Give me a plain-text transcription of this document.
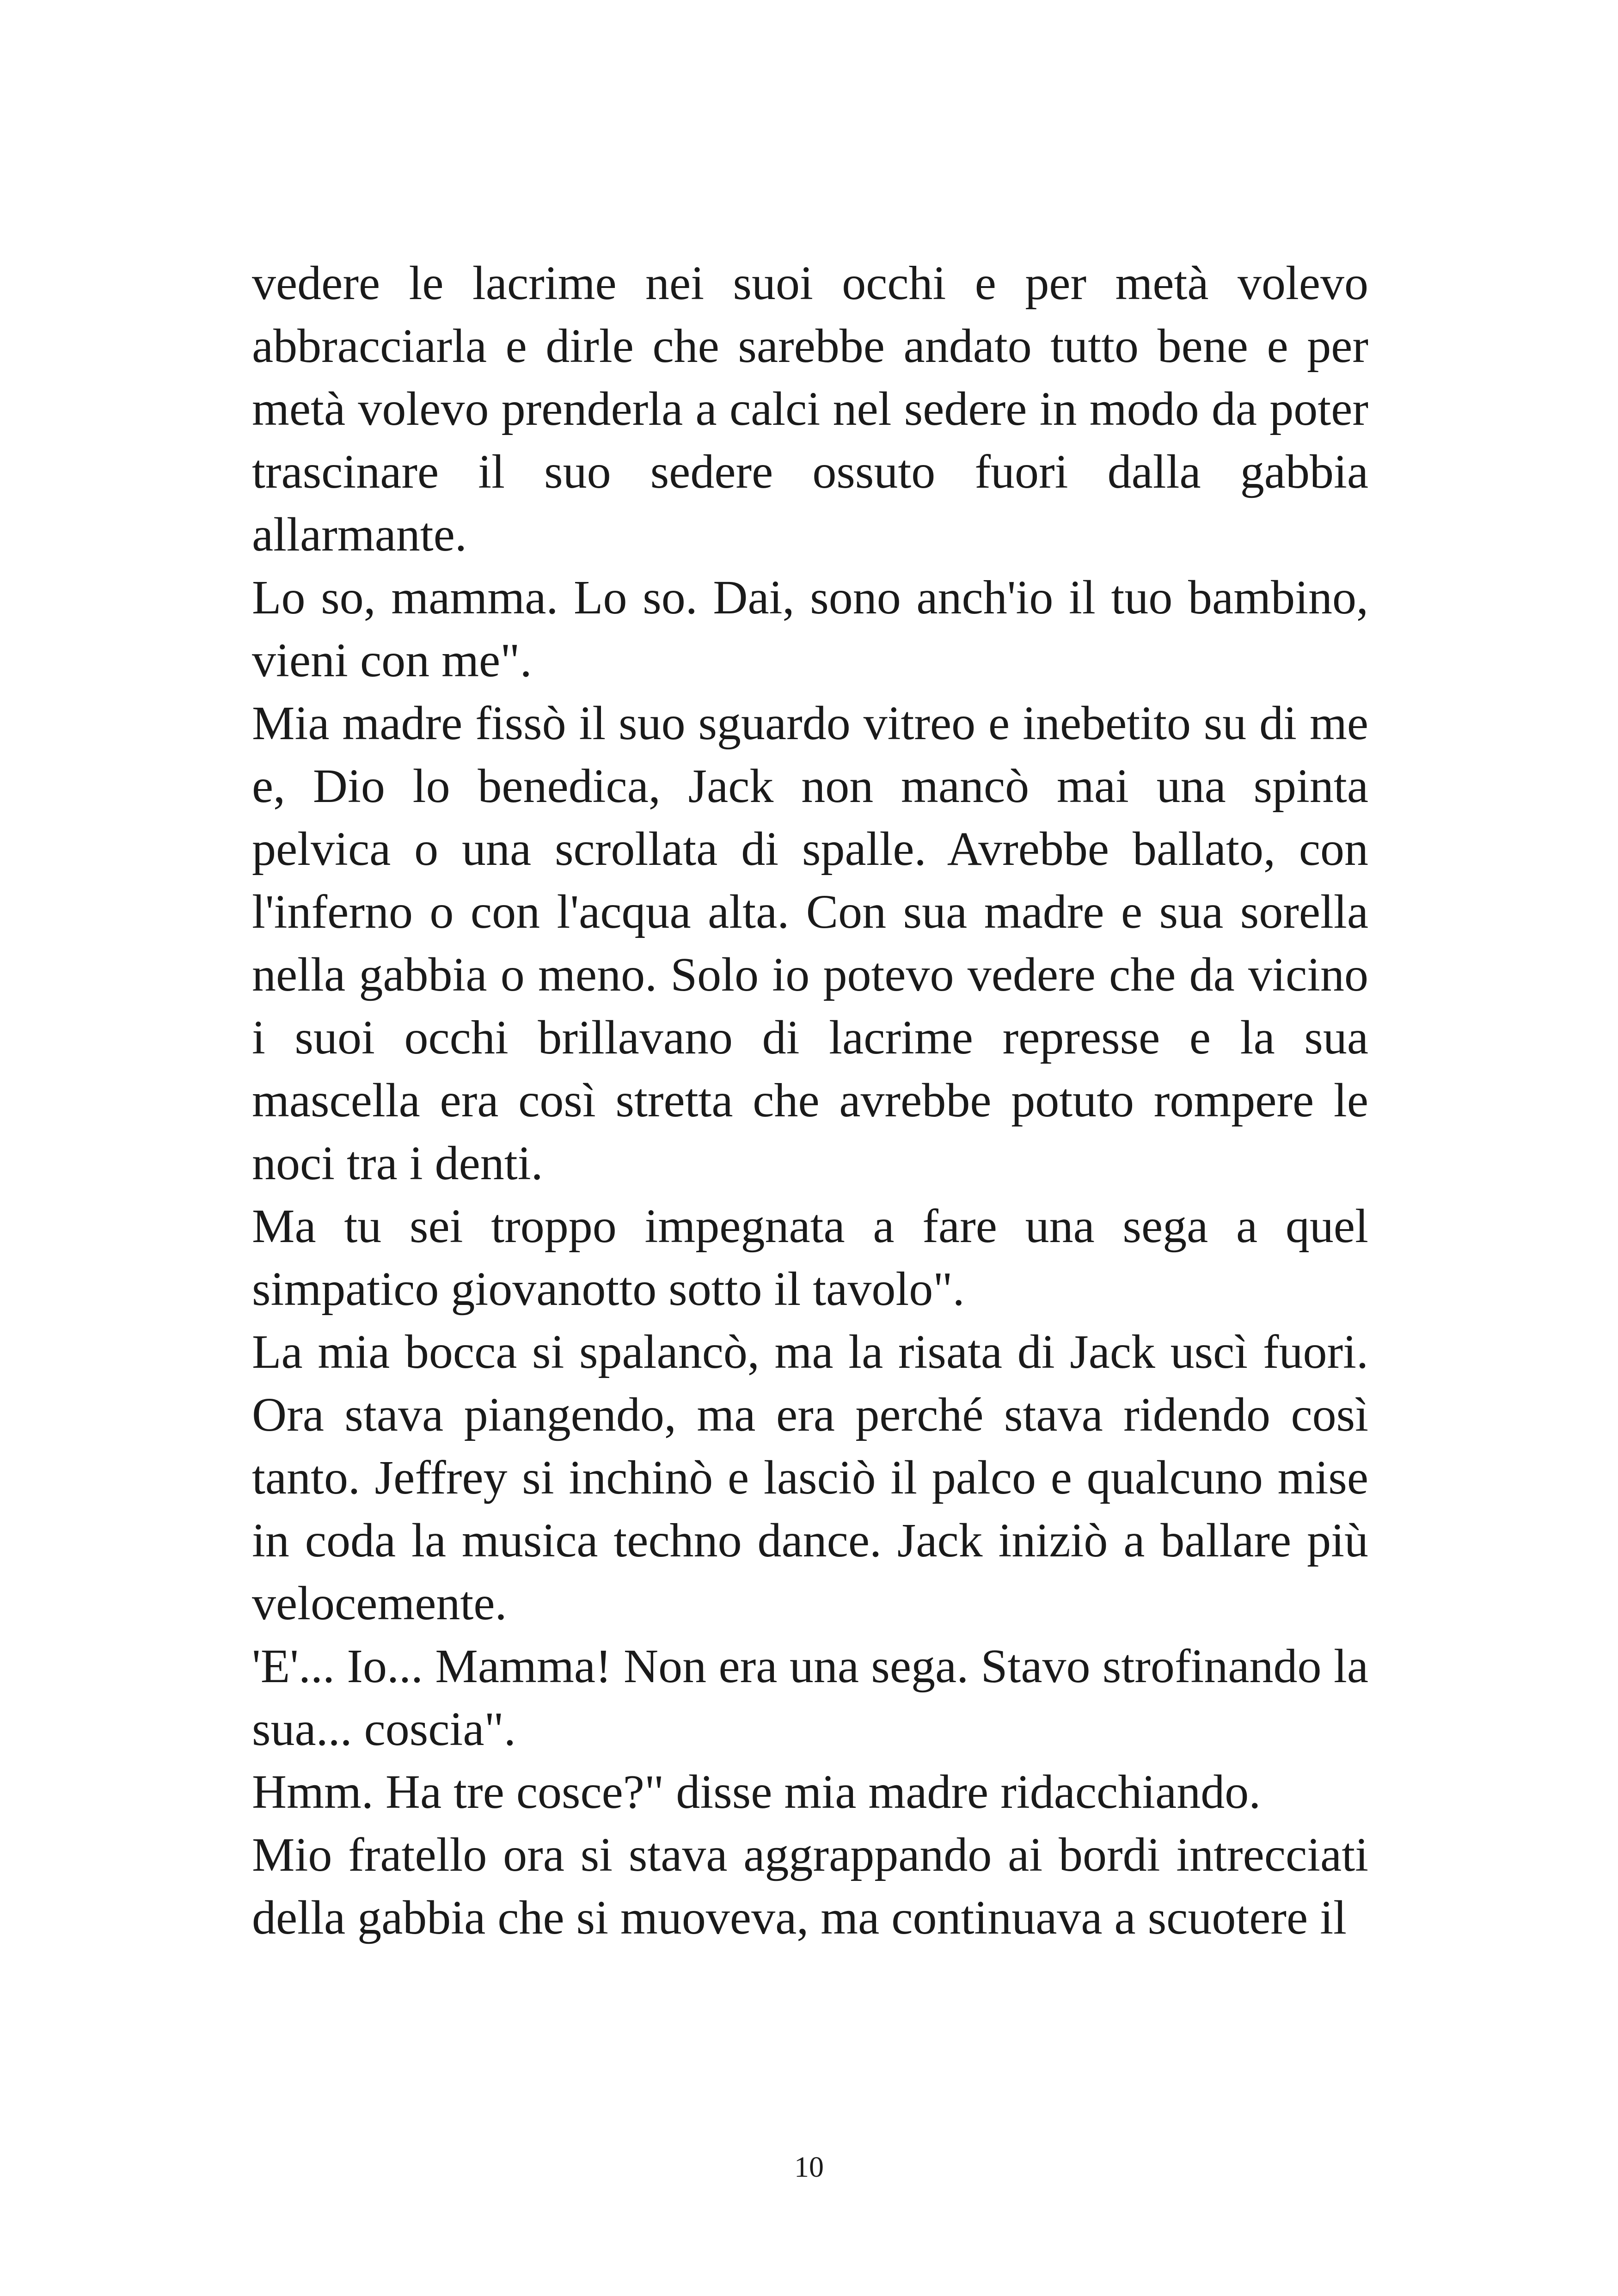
vedere le lacrime nei suoi occhi e per metà volevo abbracciarla e dirle che sarebbe andato tutto bene e per metà volevo prenderla a calci nel sedere in modo da poter trascinare il suo sedere ossuto fuori dalla gabbia allarmante.

Lo so, mamma. Lo so. Dai, sono anch'io il tuo bambino, vieni con me".

Mia madre fissò il suo sguardo vitreo e inebetito su di me e, Dio lo benedica, Jack non mancò mai una spinta pelvica o una scrollata di spalle. Avrebbe ballato, con l'inferno o con l'acqua alta. Con sua madre e sua sorella nella gabbia o meno. Solo io potevo vedere che da vicino i suoi occhi brillavano di lacrime represse e la sua mascella era così stretta che avrebbe potuto rompere le noci tra i denti.

Ma tu sei troppo impegnata a fare una sega a quel simpatico giovanotto sotto il tavolo".

La mia bocca si spalancò, ma la risata di Jack uscì fuori. Ora stava piangendo, ma era perché stava ridendo così tanto. Jeffrey si inchinò e lasciò il palco e qualcuno mise in coda la musica techno dance. Jack iniziò a ballare più velocemente.

'E'... Io... Mamma! Non era una sega. Stavo strofinando la sua... coscia".

Hmm. Ha tre cosce?" disse mia madre ridacchiando.

Mio fratello ora si stava aggrappando ai bordi intrecciati della gabbia che si muoveva, ma continuava a scuotere il

10
